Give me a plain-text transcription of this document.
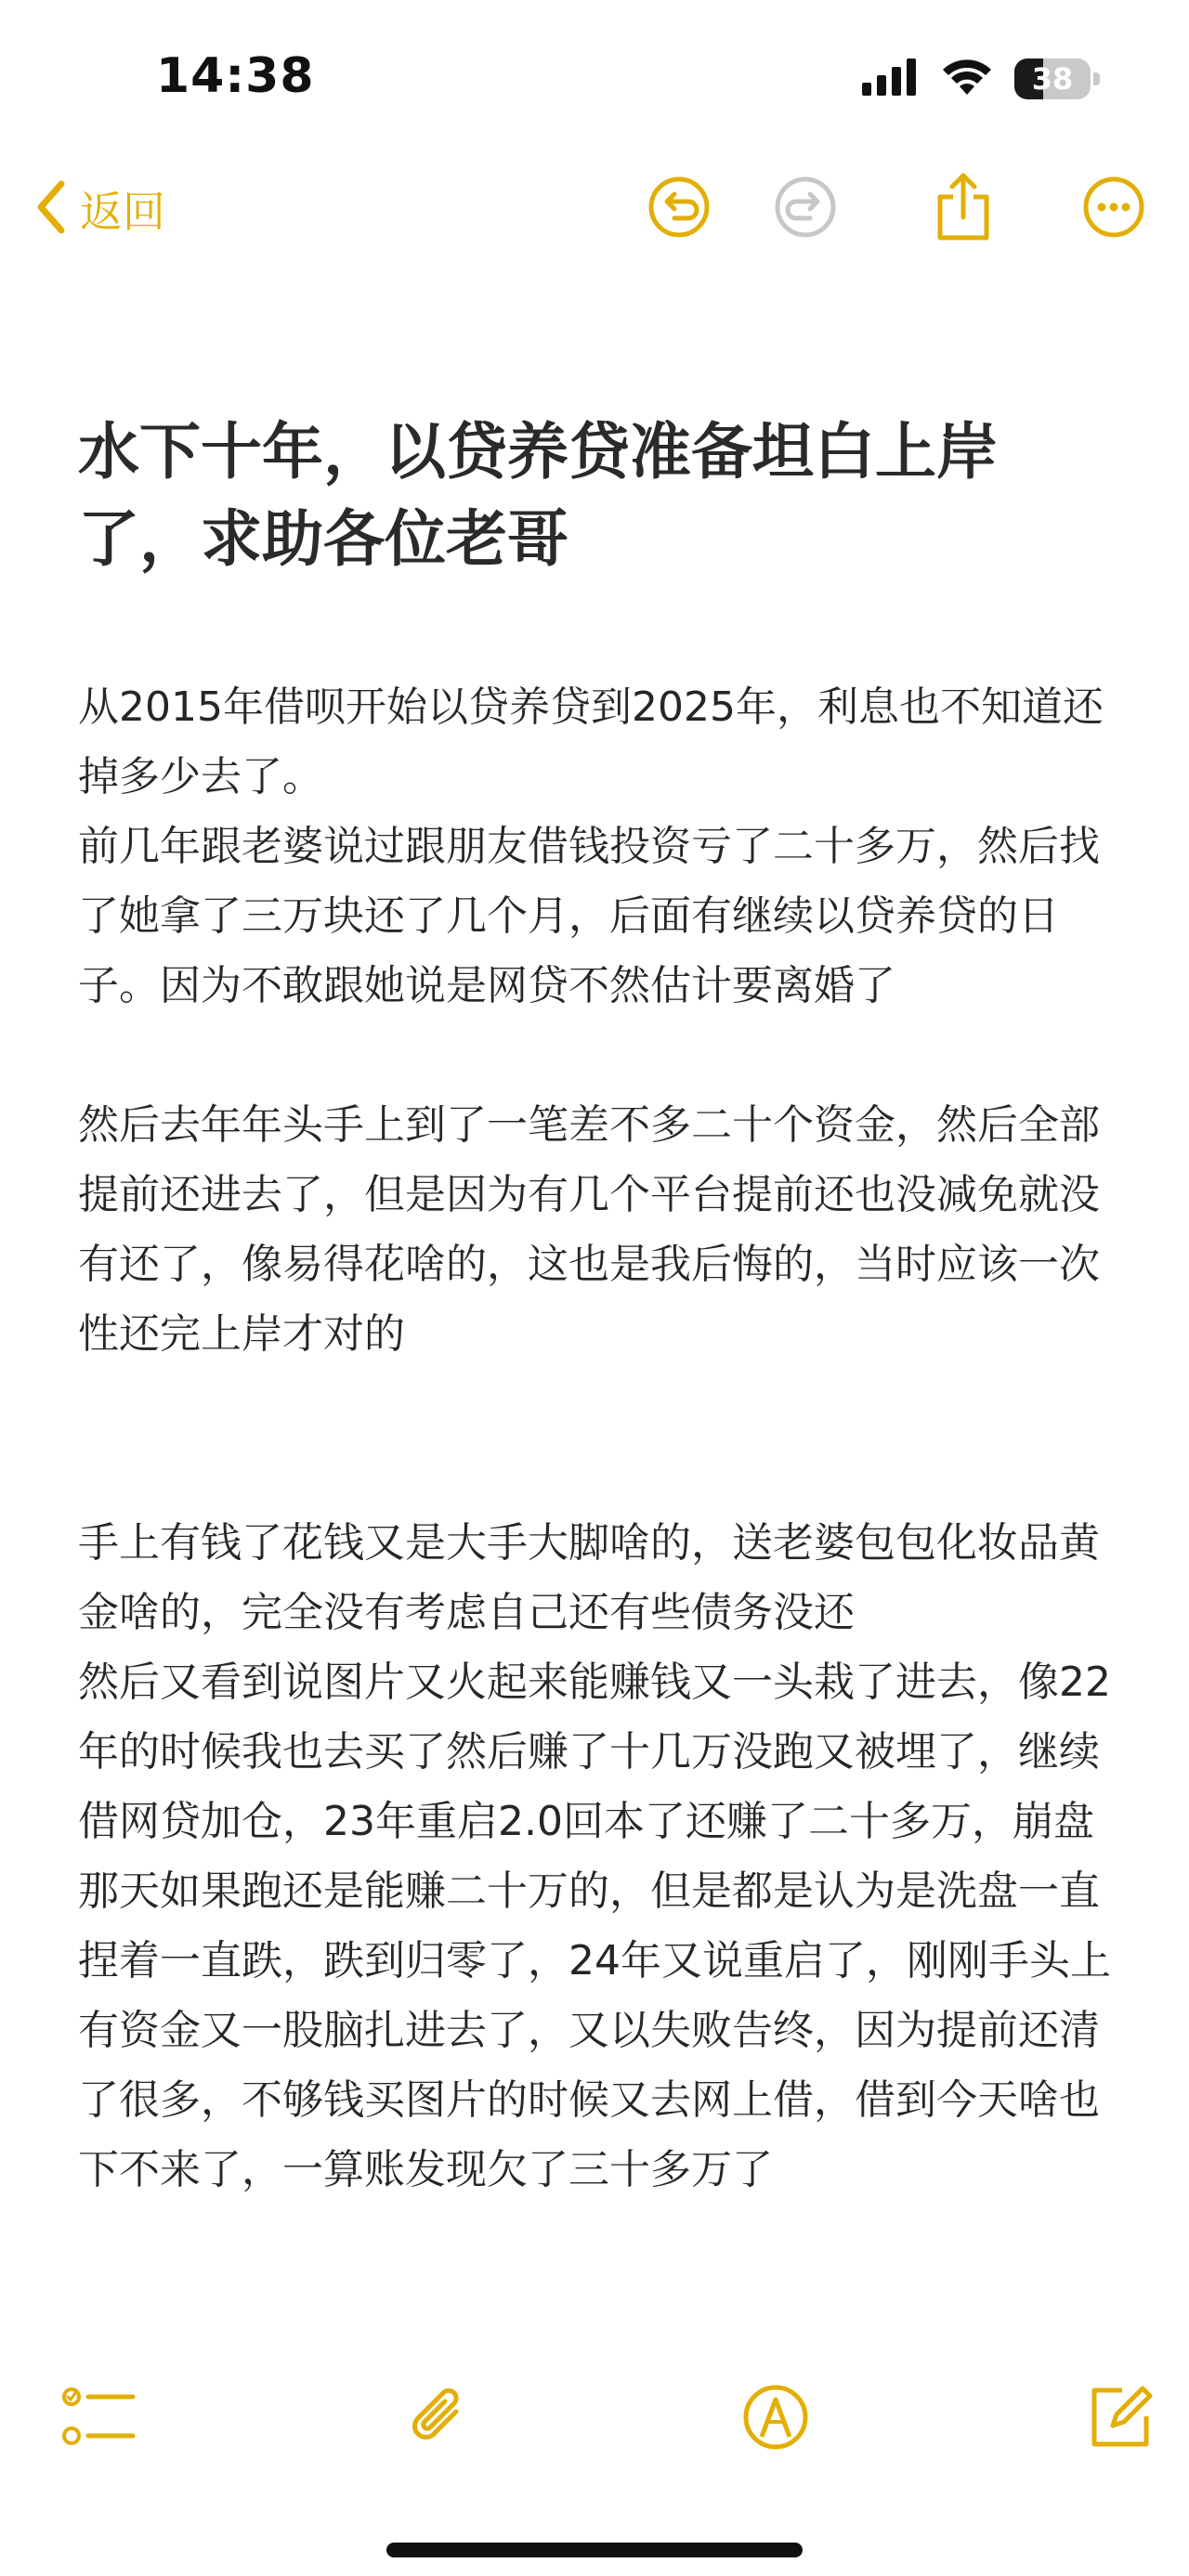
14:38	38
返回
水下十年，以贷养贷准备坦白上岸了，求助各位老哥

从2015年借呗开始以贷养贷到2025年，利息也不知道还掉多少去了。

前几年跟老婆说过跟朋友借钱投资亏了二十多万，然后找了她拿了三万块还了几个月，后面有继续以贷养贷的日子。因为不敢跟她说是网贷不然估计要离婚了

然后去年年头手上到了一笔差不多二十个资金，然后全部提前还进去了，但是因为有几个平台提前还也没减免就没有还了，像易得花啥的，这也是我后悔的，当时应该一次性还完上岸才对的

手上有钱了花钱又是大手大脚啥的，送老婆包包化妆品黄金啥的，完全没有考虑自己还有些债务没还

然后又看到说图片又火起来能赚钱又一头栽了进去，像22年的时候我也去买了然后赚了十几万没跑又被埋了，继续借网贷加仓，23年重启2.0回本了还赚了二十多万，崩盘那天如果跑还是能赚二十万的，但是都是认为是洗盘一直捏着一直跌，跌到归零了，24年又说重启了，刚刚手头上有资金又一股脑扎进去了，又以失败告终，因为提前还清了很多，不够钱买图片的时候又去网上借，借到今天啥也下不来了，一算账发现欠了三十多万了
